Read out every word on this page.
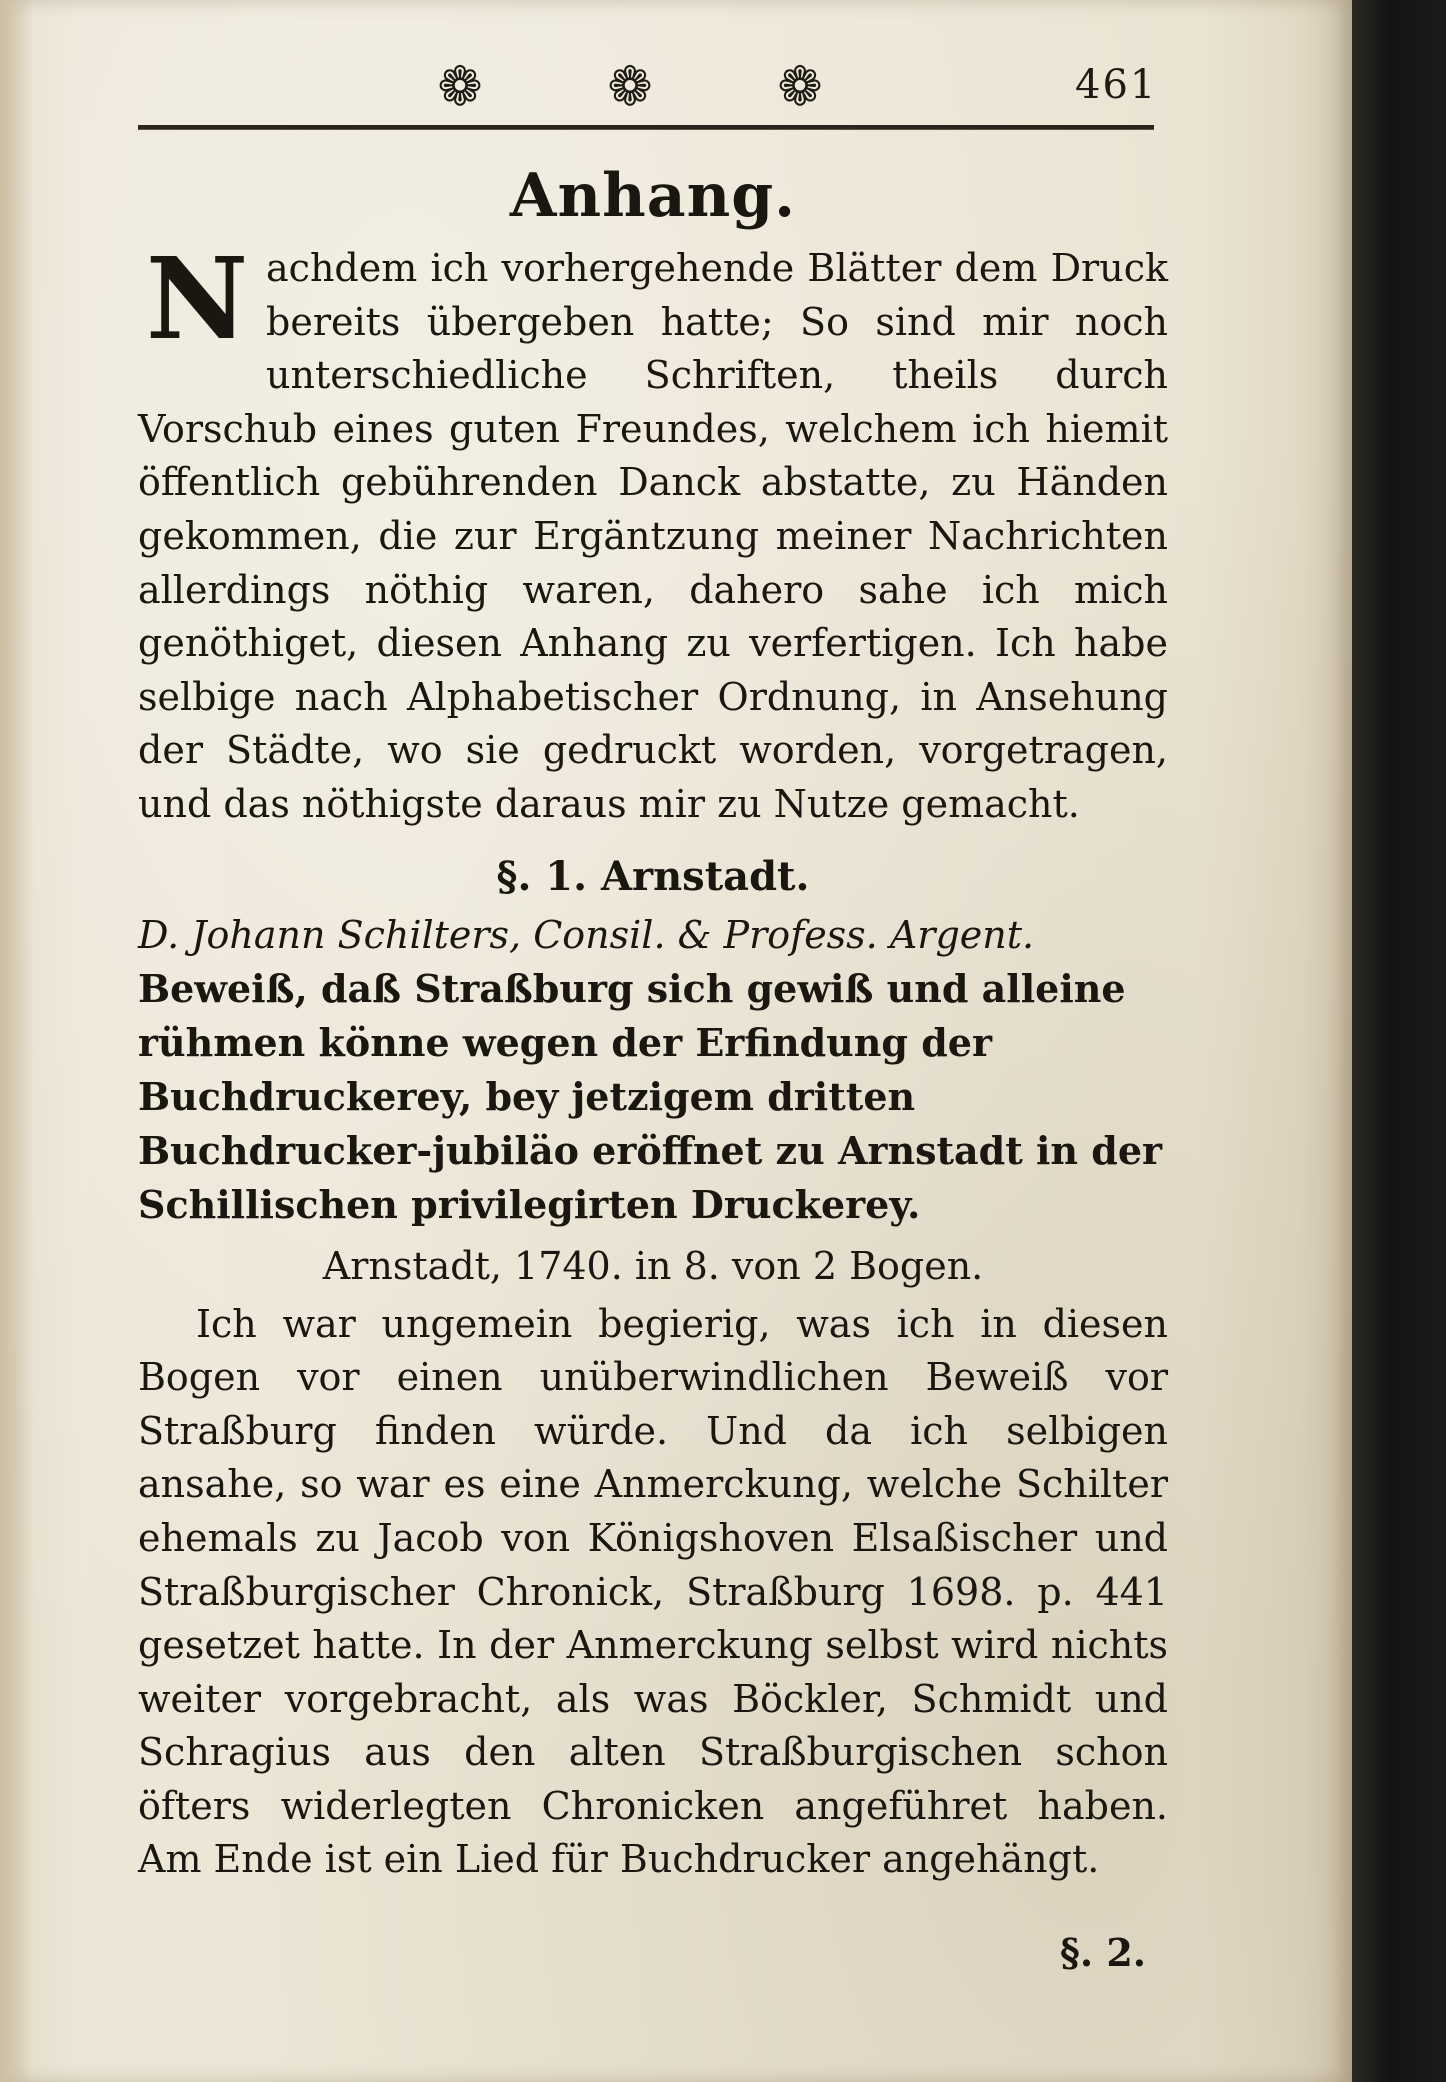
❁	❁	❁	461
Anhang.
N achdem ich vorhergehende Blätter dem Druck bereits übergeben hatte; So sind mir noch unterschiedliche Schriften, theils durch Vorschub eines guten Freundes, welchem ich hiemit öffentlich gebührenden Danck abstatte, zu Händen gekommen, die zur Ergäntzung meiner Nachrichten allerdings nöthig waren, dahero sahe ich mich genöthiget, diesen Anhang zu verfertigen. Ich habe selbige nach Alphabetischer Ordnung, in Ansehung der Städte, wo sie gedruckt worden, vorgetragen, und das nöthigste daraus mir zu Nutze gemacht.
§. 1. Arnstadt.
D. Johann Schilters, Consil. & Profess. Argent. Beweiß, daß Straßburg sich gewiß und alleine rühmen könne wegen der Erfindung der Buchdruckerey, bey jetzigem dritten Buchdrucker-jubiläo eröffnet zu Arnstadt in der Schillischen privilegirten Druckerey.
Arnstadt, 1740. in 8. von 2 Bogen.
Ich war ungemein begierig, was ich in diesen Bogen vor einen unüberwindlichen Beweiß vor Straßburg finden würde. Und da ich selbigen ansahe, so war es eine Anmerckung, welche Schilter ehemals zu Jacob von Königshoven Elsaßischer und Straßburgischer Chronick, Straßburg 1698. p. 441 gesetzet hatte. In der Anmerckung selbst wird nichts weiter vorgebracht, als was Böckler, Schmidt und Schragius aus den alten Straßburgischen schon öfters widerlegten Chronicken angeführet haben. Am Ende ist ein Lied für Buchdrucker angehängt.
§. 2.
